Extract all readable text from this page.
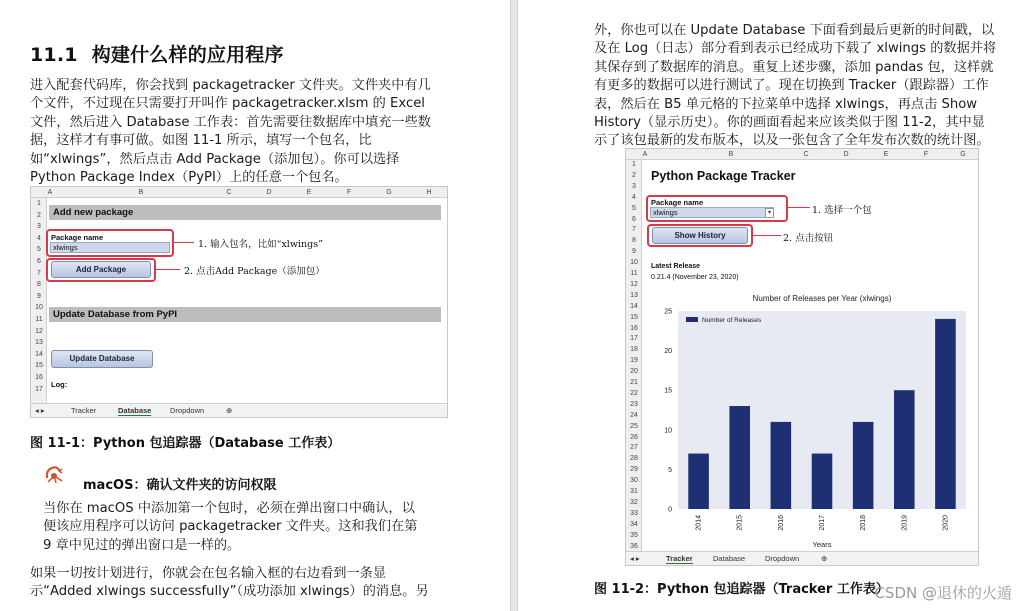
11.1 构建什么样的应用程序
进入配套代码库，你会找到 packagetracker 文件夹。文件夹中有几
个文件，不过现在只需要打开叫作 packagetracker.xlsm 的 Excel
文件，然后进入 Database 工作表：首先需要往数据库中填充一些数
据，这样才有事可做。如图 11-1 所示，填写一个包名，比
如“xlwings”，然后点击 Add Package（添加包）。你可以选择
Python Package Index（PyPI）上的任意一个包名。
A	B	C	D	E	F	G	H
1
2
3
4
5
6
7
8
9
10
11
12
13
14
15
16
17
Add new package
Package name
xlwings	1. 输入包名，比如“xlwings”
Add Package	2. 点击Add Package（添加包）
Update Database from PyPI
Update Database
Log:
◂ ▸	Tracker	Database Dropdown	⊕
图 11-1：Python 包追踪器（Database 工作表）
macOS：确认文件夹的访问权限
当你在 macOS 中添加第一个包时，必须在弹出窗口中确认，以
便该应用程序可以访问 packagetracker 文件夹。这和我们在第
9 章中见过的弹出窗口是一样的。
如果一切按计划进行，你就会在包名输入框的右边看到一条显
示“Added xlwings successfully”（成功添加 xlwings）的消息。另
外，你也可以在 Update Database 下面看到最后更新的时间戳，以
及在 Log（日志）部分看到表示已经成功下载了 xlwings 的数据并将
其保存到了数据库的消息。重复上述步骤，添加 pandas 包，这样就
有更多的数据可以进行测试了。现在切换到 Tracker（跟踪器）工作
表，然后在 B5 单元格的下拉菜单中选择 xlwings，再点击 Show
History（显示历史）。你的画面看起来应该类似于图 11-2，其中显
示了该包最新的发布版本，以及一张包含了全年发布次数的统计图。
A	B	C	D	E	F	G
1
2
3
4
5
6
7
8
9
10
11
12
13
14
15
16
17
18
19
20
21
22
23
24
25
26
27
28
29
30
31
32
33
34
35
36
Python Package Tracker
Package name
xlwings	▾	1. 选择一个包
Show History	2. 点击按钮
Latest Release
0.21.4 (November 23, 2020)
Number of Releases per Year (xlwings)
0
5
10
15
20
25
2014	2015	2016	2017	2018	2019	2020
Years
Number of Releases
◂ ▸	Tracker	Database	Dropdown	⊕
图 11-2：Python 包追踪器（Tracker 工作表）
CSDN @退休的火遁
